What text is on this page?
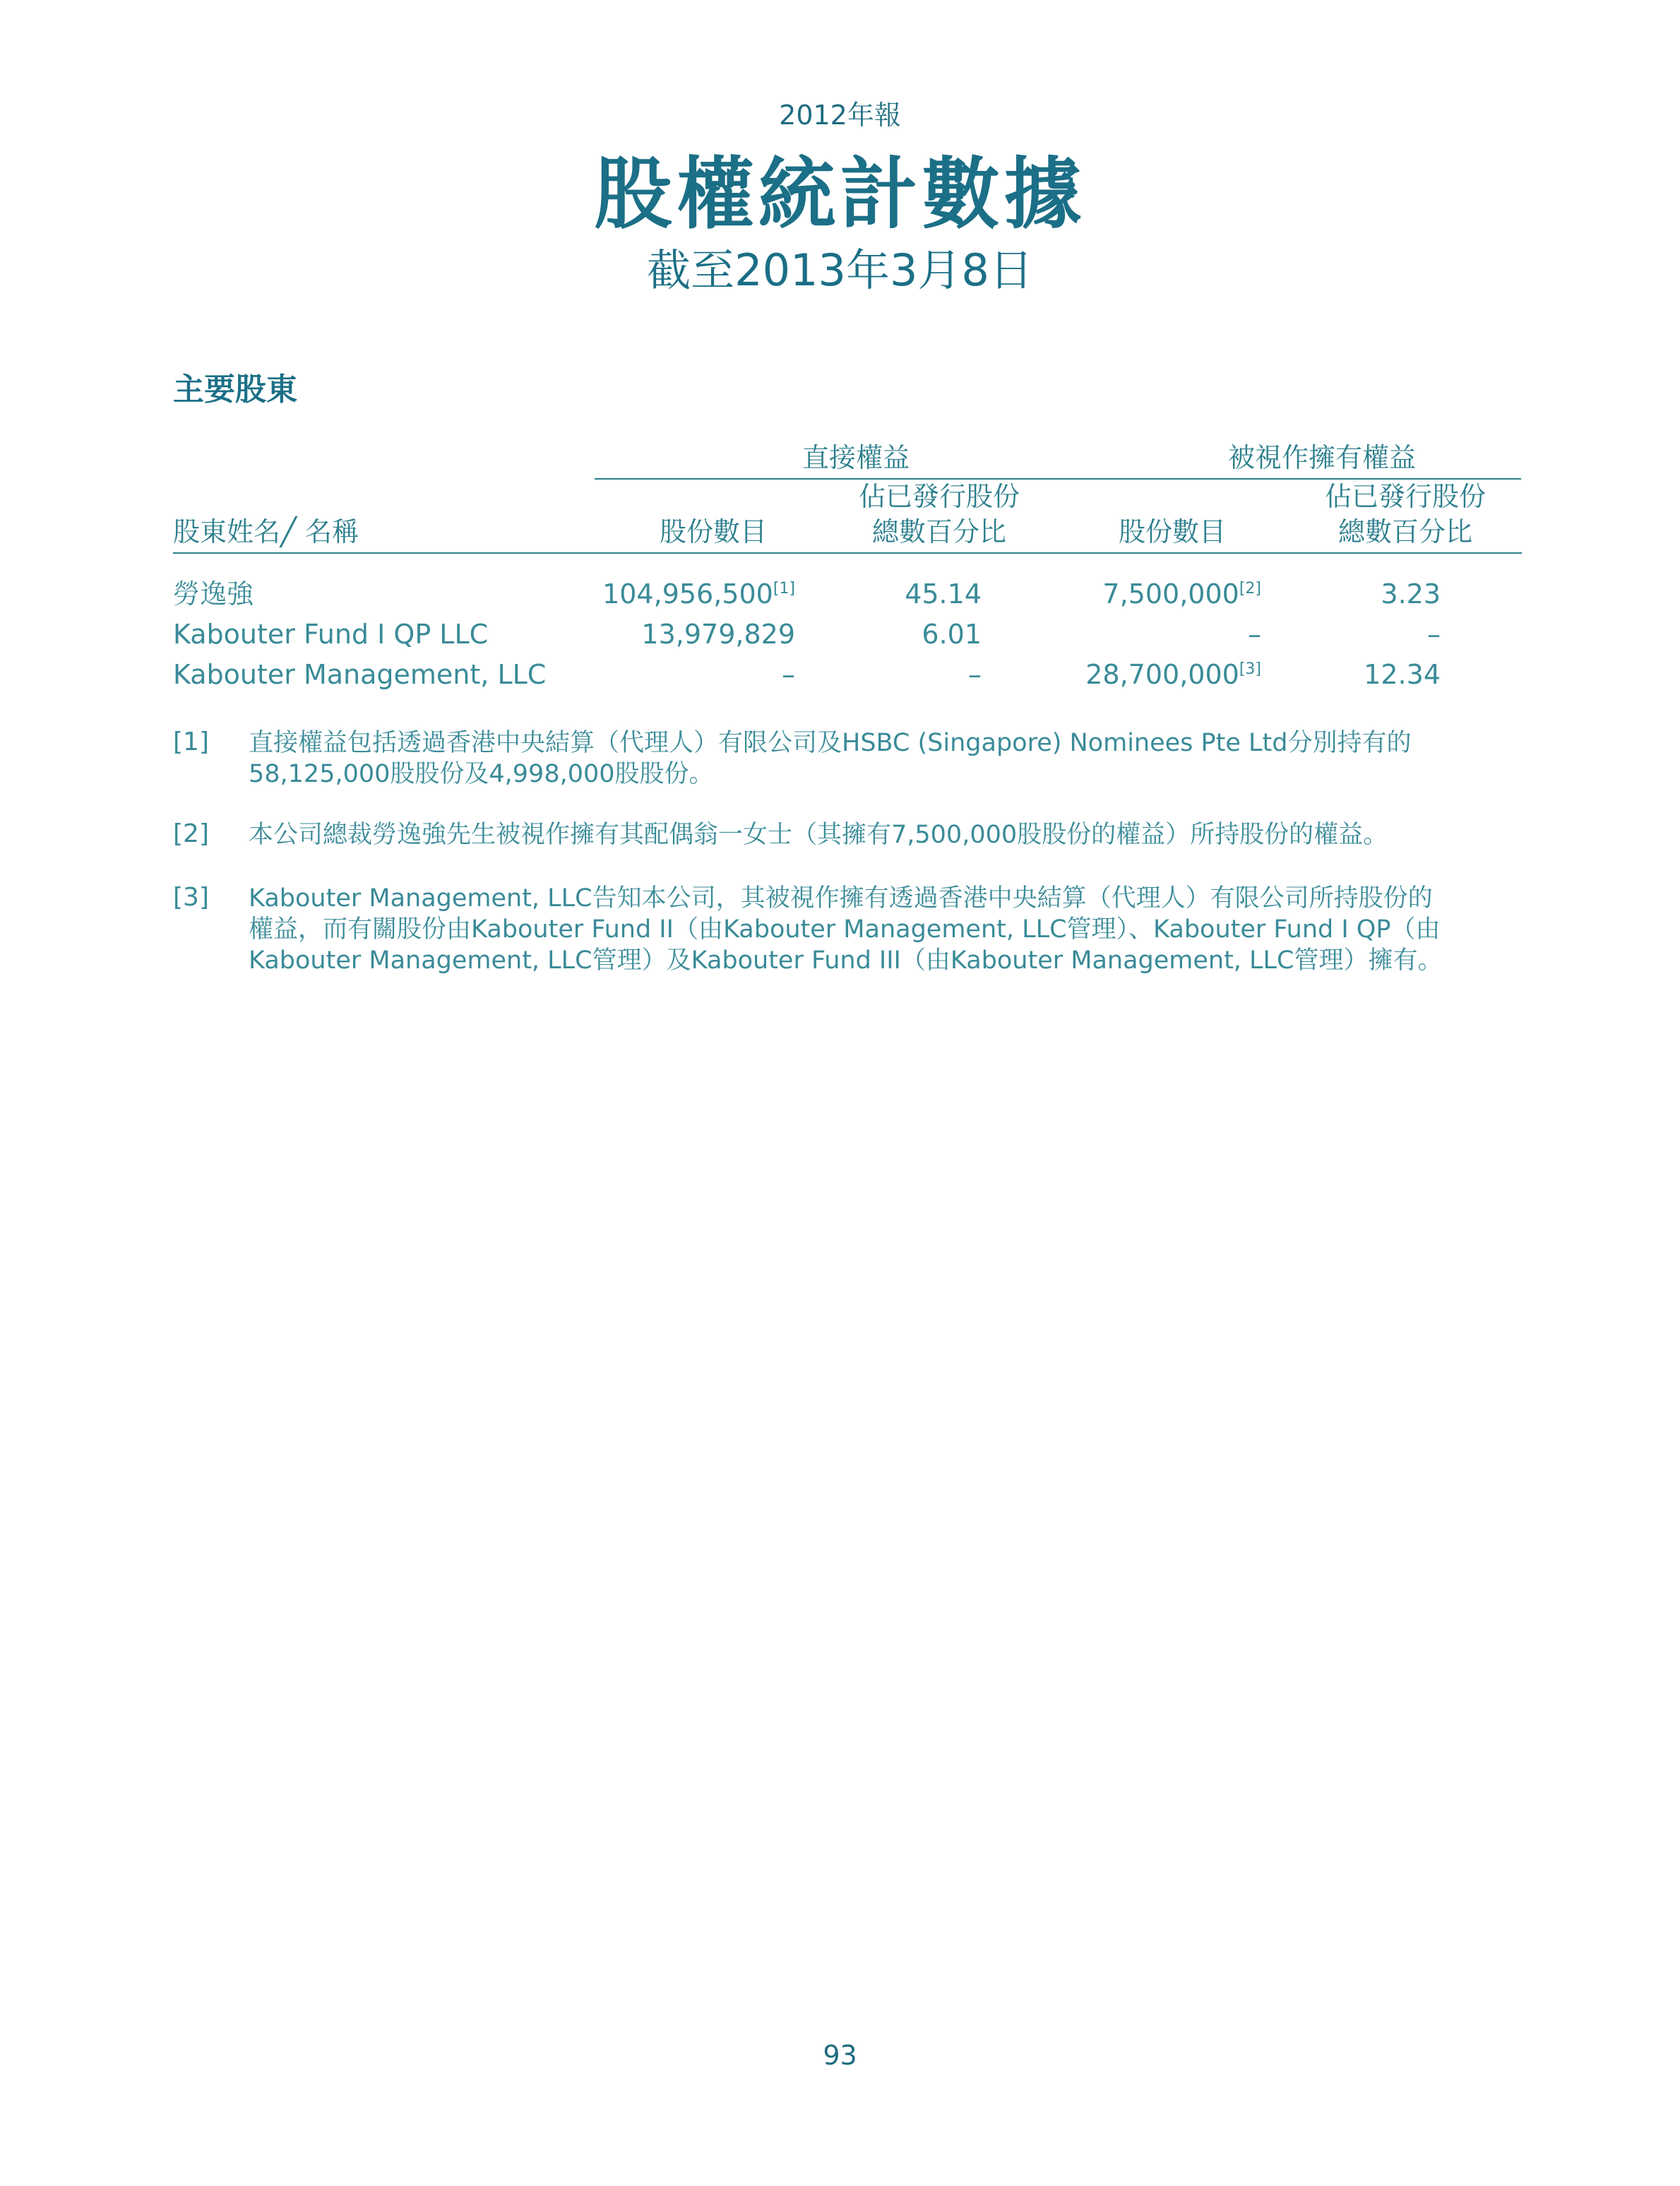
2012年報
股權統計數據
截至2013年3月8日
主要股東
直接權益	被視作擁有權益
佔已發行股份	佔已發行股份
股東姓名╱ 名稱	股份數目	總數百分比	股份數目	總數百分比
勞逸強	104,956,500[1]	45.14	7,500,000[2]	3.23
Kabouter Fund I QP LLC	13,979,829	6.01	–	–
Kabouter Management, LLC	–	–	28,700,000[3]	12.34
[1]	直接權益包括透過香港中央結算（代理人）有限公司及HSBC (Singapore) Nominees Pte Ltd分別持有的
58,125,000股股份及4,998,000股股份。
[2]	本公司總裁勞逸強先生被視作擁有其配偶翁一女士（其擁有7,500,000股股份的權益）所持股份的權益。
[3]	Kabouter Management, LLC告知本公司，其被視作擁有透過香港中央結算（代理人）有限公司所持股份的
權益，而有關股份由Kabouter Fund II（由Kabouter Management, LLC管理）、Kabouter Fund I QP（由
Kabouter Management, LLC管理）及Kabouter Fund III（由Kabouter Management, LLC管理）擁有。
93
